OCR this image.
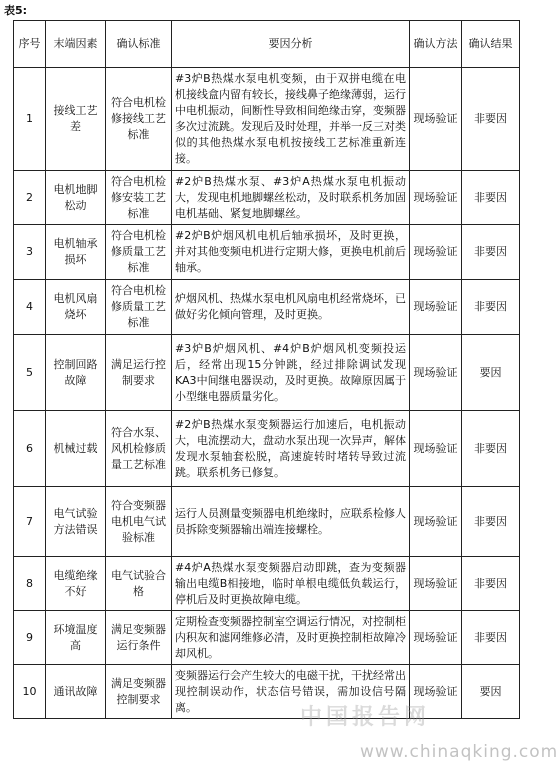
表5:
序号	末端因素	确认标准	要因分析	确认方法	确认结果
1	接线工艺差	符合电机检修接线工艺标准	#3炉B热煤水泵电机变频，由于双拼电缆在电机接线盒内留有较长，接线鼻子绝缘薄弱，运行中电机振动，间断性导致相间绝缘击穿，变频器多次过流跳。发现后及时处理，并举一反三对类似的其他热煤水泵电机按接线工艺标准重新连接。	现场验证	非要因
2	电机地脚松动	符合电机检修安装工艺标准	#2炉B热煤水泵、#3炉A热煤水泵电机振动大，发现电机地脚螺丝松动，及时联系机务加固电机基础、紧复地脚螺丝。	现场验证	非要因
3	电机轴承损坏	符合电机检修质量工艺标准	#2炉B炉烟风机电机后轴承损坏，及时更换，并对其他变频电机进行定期大修，更换电机前后轴承。	现场验证	非要因
4	电机风扇烧坏	符合电机检修质量工艺标准	炉烟风机、热煤水泵电机风扇电机经常烧坏，已做好劣化倾向管理，及时更换。	现场验证	非要因
5	控制回路故障	满足运行控制要求	#3炉B炉烟风机、#4炉B炉烟风机变频投运后，经常出现15分钟跳，经过排除调试发现KA3中间继电器误动，及时更换。故障原因属于小型继电器质量劣化。	现场验证	要因
6	机械过载	符合水泵、风机检修质量工艺标准	#2炉B热煤水泵变频器运行加速后，电机振动大，电流摆动大，盘动水泵出现一次异声，解体发现水泵轴套松脱，高速旋转时堵转导致过流跳。联系机务已修复。	现场验证	非要因
7	电气试验方法错误	符合变频器电机电气试验标准	运行人员测量变频器电机绝缘时，应联系检修人员拆除变频器输出端连接螺栓。	现场验证	非要因
8	电缆绝缘不好	电气试验合格	#4炉A热煤水泵变频器启动即跳，查为变频器输出电缆B相接地，临时单根电缆低负载运行，停机后及时更换故障电缆。	现场验证	非要因
9	环境温度高	满足变频器运行条件	定期检查变频器控制室空调运行情况，对控制柜内积灰和滤网维修必清，及时更换控制柜故障冷却风机。	现场验证	非要因
10	通讯故障	满足变频器控制要求	变频器运行会产生较大的电磁干扰，干扰经常出现控制误动作，状态信号错误，需加设信号隔离。	现场验证	要因
中国报告网
www.chinaqking.com
